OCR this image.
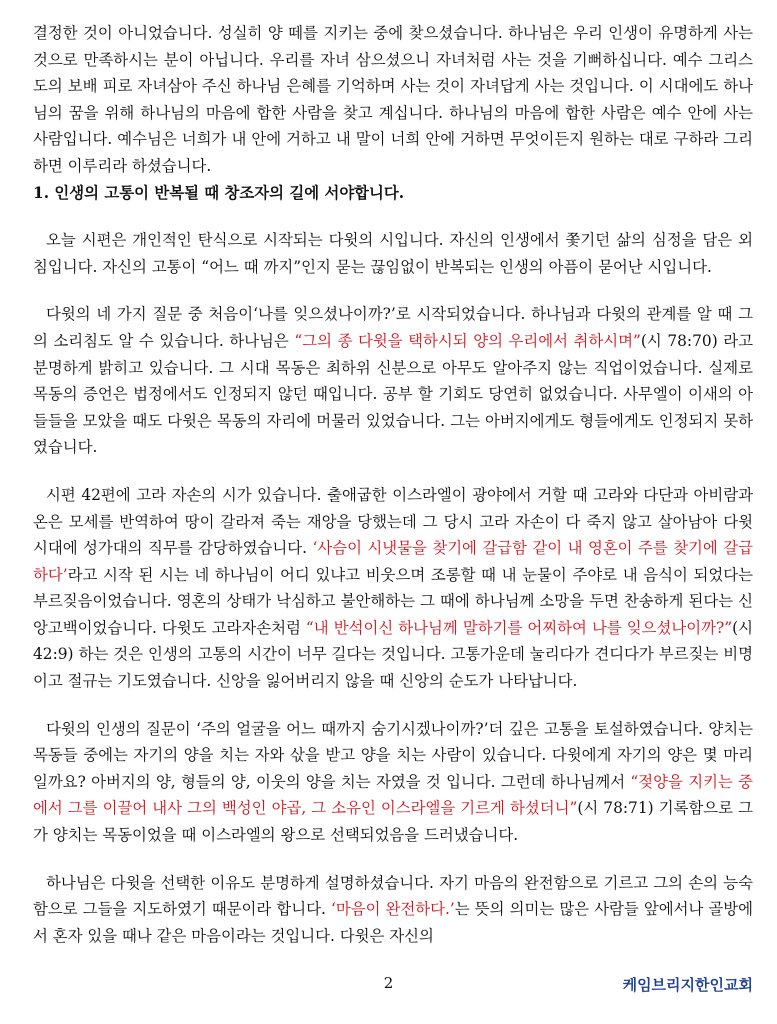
결정한 것이 아니었습니다. 성실히 양 떼를 지키는 중에 찾으셨습니다. 하나님은 우리 인생이 유명하게 사는 것으로 만족하시는 분이 아닙니다. 우리를 자녀 삼으셨으니 자녀처럼 사는 것을 기뻐하십니다. 예수 그리스도의 보배 피로 자녀삼아 주신 하나님 은혜를 기억하며 사는 것이 자녀답게 사는 것입니다. 이 시대에도 하나님의 꿈을 위해 하나님의 마음에 합한 사람을 찾고 계십니다. 하나님의 마음에 합한 사람은 예수 안에 사는 사람입니다. 예수님은 너희가 내 안에 거하고 내 말이 너희 안에 거하면 무엇이든지 원하는 대로 구하라 그리하면 이루리라 하셨습니다.

1. 인생의 고통이 반복될 때 창조자의 길에 서야합니다.

오늘 시편은 개인적인 탄식으로 시작되는 다윗의 시입니다. 자신의 인생에서 쫓기던 삶의 심정을 담은 외침입니다. 자신의 고통이 “어느 때 까지”인지 묻는 끊임없이 반복되는 인생의 아픔이 묻어난 시입니다.

다윗의 네 가지 질문 중 처음이‘나를 잊으셨나이까?’로 시작되었습니다. 하나님과 다윗의 관계를 알 때 그의 소리침도 알 수 있습니다. 하나님은 “그의 종 다윗을 택하시되 양의 우리에서 취하시며”(시 78:70) 라고 분명하게 밝히고 있습니다. 그 시대 목동은 최하위 신분으로 아무도 알아주지 않는 직업이었습니다. 실제로 목동의 증언은 법정에서도 인정되지 않던 때입니다. 공부 할 기회도 당연히 없었습니다. 사무엘이 이새의 아들들을 모았을 때도 다윗은 목동의 자리에 머물러 있었습니다. 그는 아버지에게도 형들에게도 인정되지 못하였습니다.

시편 42편에 고라 자손의 시가 있습니다. 출애굽한 이스라엘이 광야에서 거할 때 고라와 다단과 아비람과 온은 모세를 반역하여 땅이 갈라져 죽는 재앙을 당했는데 그 당시 고라 자손이 다 죽지 않고 살아남아 다윗 시대에 성가대의 직무를 감당하였습니다. ‘사슴이 시냇물을 찾기에 갈급함 같이 내 영혼이 주를 찾기에 갈급하다’라고 시작 된 시는 네 하나님이 어디 있냐고 비웃으며 조롱할 때 내 눈물이 주야로 내 음식이 되었다는 부르짖음이었습니다. 영혼의 상태가 낙심하고 불안해하는 그 때에 하나님께 소망을 두면 찬송하게 된다는 신앙고백이었습니다. 다윗도 고라자손처럼 “내 반석이신 하나님께 말하기를 어찌하여 나를 잊으셨나이까?”(시 42:9) 하는 것은 인생의 고통의 시간이 너무 길다는 것입니다. 고통가운데 눌리다가 견디다가 부르짖는 비명이고 절규는 기도였습니다. 신앙을 잃어버리지 않을 때 신앙의 순도가 나타납니다.

다윗의 인생의 질문이 ‘주의 얼굴을 어느 때까지 숨기시겠나이까?’더 깊은 고통을 토설하였습니다. 양치는 목동들 중에는 자기의 양을 치는 자와 삯을 받고 양을 치는 사람이 있습니다. 다윗에게 자기의 양은 몇 마리일까요? 아버지의 양, 형들의 양, 이웃의 양을 치는 자였을 것 입니다. 그런데 하나님께서 “젖양을 지키는 중에서 그를 이끌어 내사 그의 백성인 야곱, 그 소유인 이스라엘을 기르게 하셨더니”(시 78:71) 기록함으로 그가 양치는 목동이었을 때 이스라엘의 왕으로 선택되었음을 드러냈습니다.

하나님은 다윗을 선택한 이유도 분명하게 설명하셨습니다. 자기 마음의 완전함으로 기르고 그의 손의 능숙함으로 그들을 지도하였기 때문이라 합니다. ‘마음이 완전하다.’는 뜻의 의미는 많은 사람들 앞에서나 골방에서 혼자 있을 때나 같은 마음이라는 것입니다. 다윗은 자신의

2	케임브리지한인교회
